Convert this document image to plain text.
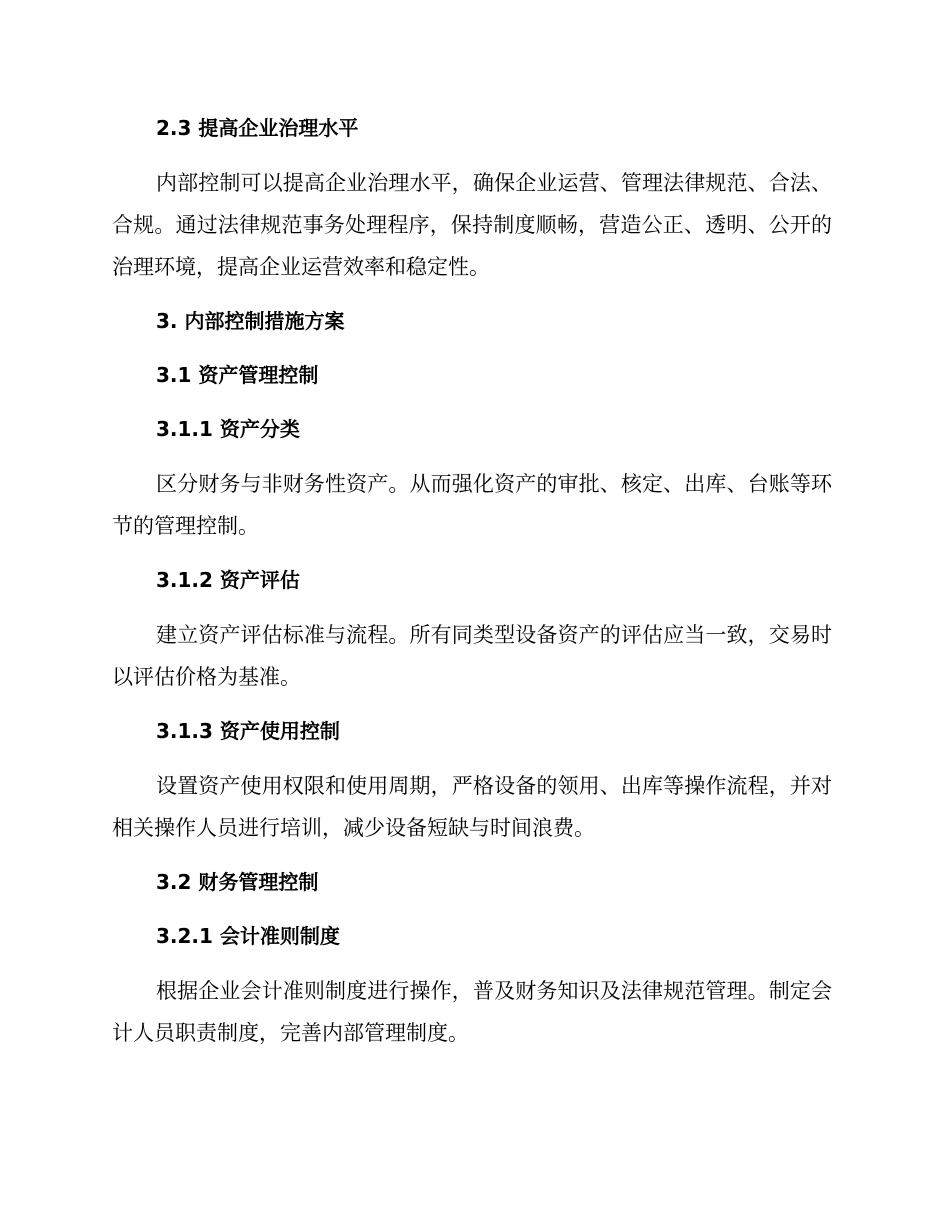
2.3 提高企业治理水平

内部控制可以提高企业治理水平，确保企业运营、管理法律规范、合法、合规。通过法律规范事务处理程序，保持制度顺畅，营造公正、透明、公开的治理环境，提高企业运营效率和稳定性。

3. 内部控制措施方案
3.1 资产管理控制
3.1.1 资产分类

区分财务与非财务性资产。从而强化资产的审批、核定、出库、台账等环节的管理控制。

3.1.2 资产评估

建立资产评估标准与流程。所有同类型设备资产的评估应当一致，交易时以评估价格为基准。

3.1.3 资产使用控制

设置资产使用权限和使用周期，严格设备的领用、出库等操作流程，并对相关操作人员进行培训，减少设备短缺与时间浪费。

3.2 财务管理控制
3.2.1 会计准则制度

根据企业会计准则制度进行操作，普及财务知识及法律规范管理。制定会计人员职责制度，完善内部管理制度。
